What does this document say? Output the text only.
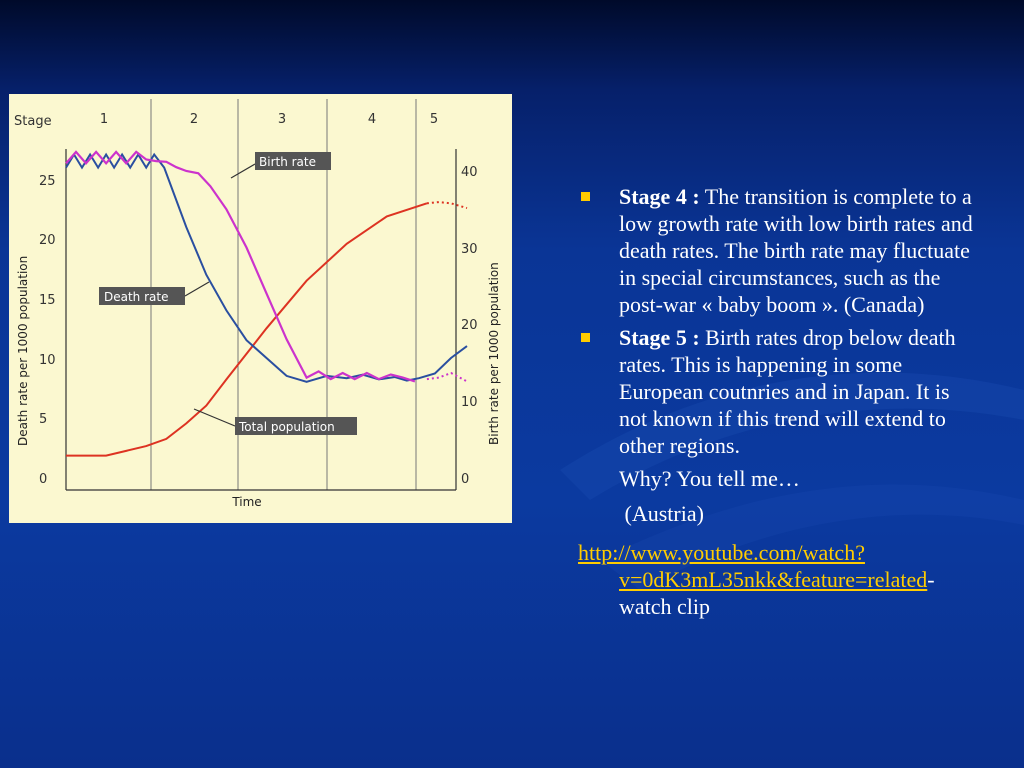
Stage	1	2	3	4	5
0
5
10
15
20
25
0
10
20
30
40
Death rate per 1000 population	Birth rate per 1000 population
Time
Birth rate
Death rate
Total population
Stage 4 : The transition is complete to a low growth rate with low birth rates and death rates. The birth rate may fluctuate in special circumstances, such as the post-war « baby boom ». (Canada)
Stage 5 : Birth rates drop below death rates. This is happening in some European coutnries and in Japan. It is not known if this trend will extend to other regions.
Why? You tell me…
(Austria)
http://www.youtube.com/watch?v=0dK3mL35nkk&feature=related-watch clip
